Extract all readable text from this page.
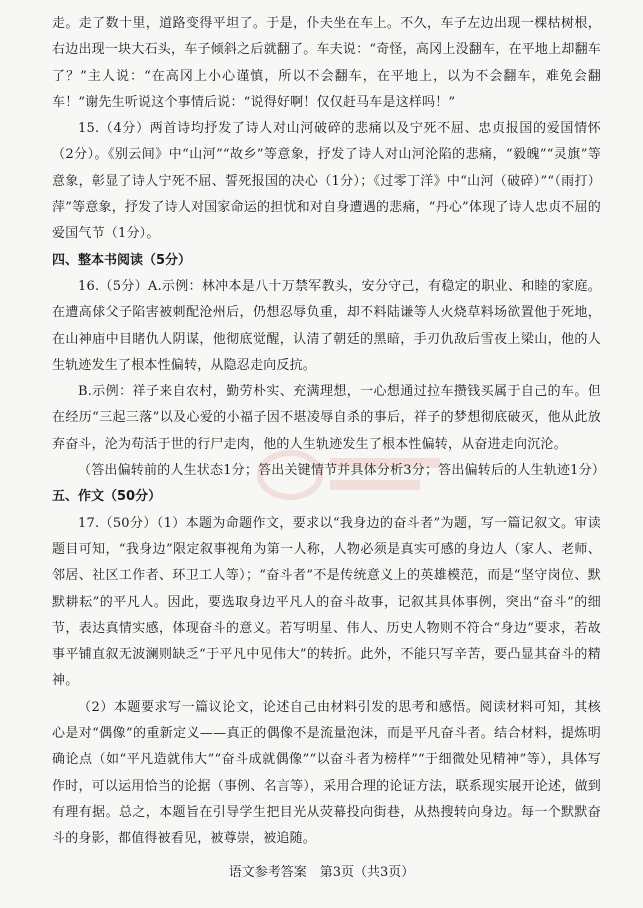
走。走了数十里，道路变得平坦了。于是，仆夫坐在车上。不久，车子左边出现一棵枯树根，右边出现一块大石头，车子倾斜之后就翻了。车夫说：“奇怪，高冈上没翻车，在平地上却翻车了？”主人说：“在高冈上小心谨慎，所以不会翻车，在平地上，以为不会翻车，难免会翻车！”谢先生听说这个事情后说：“说得好啊！仅仅赶马车是这样吗！”

15.（4分）两首诗均抒发了诗人对山河破碎的悲痛以及宁死不屈、忠贞报国的爱国情怀（2分）。《别云间》中“山河”“故乡”等意象，抒发了诗人对山河沦陷的悲痛，“毅魄”“灵旗”等意象，彰显了诗人宁死不屈、誓死报国的决心（1分）；《过零丁洋》中“山河（破碎）”“（雨打）萍”等意象，抒发了诗人对国家命运的担忧和对自身遭遇的悲痛，“丹心”体现了诗人忠贞不屈的爱国气节（1分）。

四、整本书阅读（5分）

16.（5分）A.示例：林冲本是八十万禁军教头，安分守己，有稳定的职业、和睦的家庭。在遭高俅父子陷害被刺配沧州后，仍想忍辱负重，却不料陆谦等人火烧草料场欲置他于死地，在山神庙中目睹仇人阴谋，他彻底觉醒，认清了朝廷的黑暗，手刃仇敌后雪夜上梁山，他的人生轨迹发生了根本性偏转，从隐忍走向反抗。

B.示例：祥子来自农村，勤劳朴实、充满理想，一心想通过拉车攒钱买属于自己的车。但在经历“三起三落”以及心爱的小福子因不堪凌辱自杀的事后，祥子的梦想彻底破灭，他从此放弃奋斗，沦为苟活于世的行尸走肉，他的人生轨迹发生了根本性偏转，从奋进走向沉沦。

（答出偏转前的人生状态1分；答出关键情节并具体分析3分；答出偏转后的人生轨迹1分）

五、作文（50分）

17.（50分）（1）本题为命题作文，要求以“我身边的奋斗者”为题，写一篇记叙文。审读题目可知，“我身边”限定叙事视角为第一人称，人物必须是真实可感的身边人（家人、老师、邻居、社区工作者、环卫工人等）；“奋斗者”不是传统意义上的英雄模范，而是“坚守岗位、默默耕耘”的平凡人。因此，要选取身边平凡人的奋斗故事，记叙其具体事例，突出“奋斗”的细节，表达真情实感，体现奋斗的意义。若写明星、伟人、历史人物则不符合“身边”要求，若故事平铺直叙无波澜则缺乏“于平凡中见伟大”的转折。此外，不能只写辛苦，要凸显其奋斗的精神。

（2）本题要求写一篇议论文，论述自己由材料引发的思考和感悟。阅读材料可知，其核心是对“偶像”的重新定义——真正的偶像不是流量泡沫，而是平凡奋斗者。结合材料，提炼明确论点（如“平凡造就伟大”“奋斗成就偶像”“以奋斗者为榜样”“于细微处见精神”等），具体写作时，可以运用恰当的论据（事例、名言等），采用合理的论证方法，联系现实展开论述，做到有理有据。总之，本题旨在引导学生把目光从荧幕投向街巷，从热搜转向身边。每一个默默奋斗的身影，都值得被看见，被尊崇，被追随。

语文参考答案　第3页（共3页）
